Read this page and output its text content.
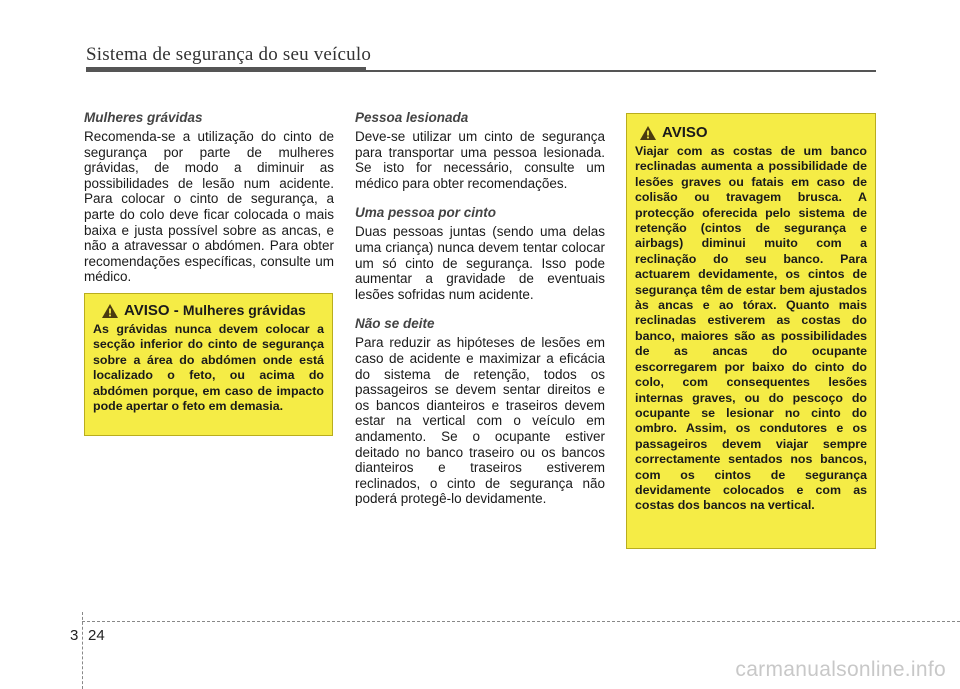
Sistema de segurança do seu veículo
Mulheres grávidas
Recomenda-se a utilização do cinto de segurança por parte de mulheres grávidas, de modo a diminuir as possibilidades de lesão num acidente. Para colocar o cinto de segurança, a parte do colo deve ficar colocada o mais baixa e justa possível sobre as ancas, e não a atravessar o abdómen. Para obter recomendações específicas, consulte um médico.
AVISO - Mulheres grávidas
As grávidas nunca devem colocar a secção inferior do cinto de segurança sobre a área do abdómen onde está localizado o feto, ou acima do abdómen porque, em caso de impacto pode apertar o feto em demasia.
Pessoa lesionada
Deve-se utilizar um cinto de segurança para transportar uma pessoa lesionada. Se isto for necessário, consulte um médico para obter recomendações.
Uma pessoa por cinto
Duas pessoas juntas (sendo uma delas uma criança) nunca devem tentar colocar um só cinto de segurança. Isso pode aumentar a gravidade de eventuais lesões sofridas num acidente.
Não se deite
Para reduzir as hipóteses de lesões em caso de acidente e maximizar a eficácia do sistema de retenção, todos os passageiros se devem sentar direitos e os bancos dianteiros e traseiros devem estar na vertical com o veículo em andamento. Se o ocupante estiver deitado no banco traseiro ou os bancos dianteiros e traseiros estiverem reclinados, o cinto de segurança não poderá protegê-lo devidamente.
AVISO
Viajar com as costas de um banco reclinadas aumenta a possibilidade de lesões graves ou fatais em caso de colisão ou travagem brusca. A protecção oferecida pelo sistema de retenção (cintos de segurança e airbags) diminui muito com a reclinação do seu banco. Para actuarem devidamente, os cintos de segurança têm de estar bem ajustados às ancas e ao tórax. Quanto mais reclinadas estiverem as costas do banco, maiores são as possibilidades de as ancas do ocupante escorregarem por baixo do cinto do colo, com consequentes lesões internas graves, ou do pescoço do ocupante se lesionar no cinto do ombro. Assim, os condutores e os passageiros devem viajar sempre correctamente sentados nos bancos, com os cintos de segurança devidamente colocados e com as costas dos bancos na vertical.
3 24
carmanualsonline.info
